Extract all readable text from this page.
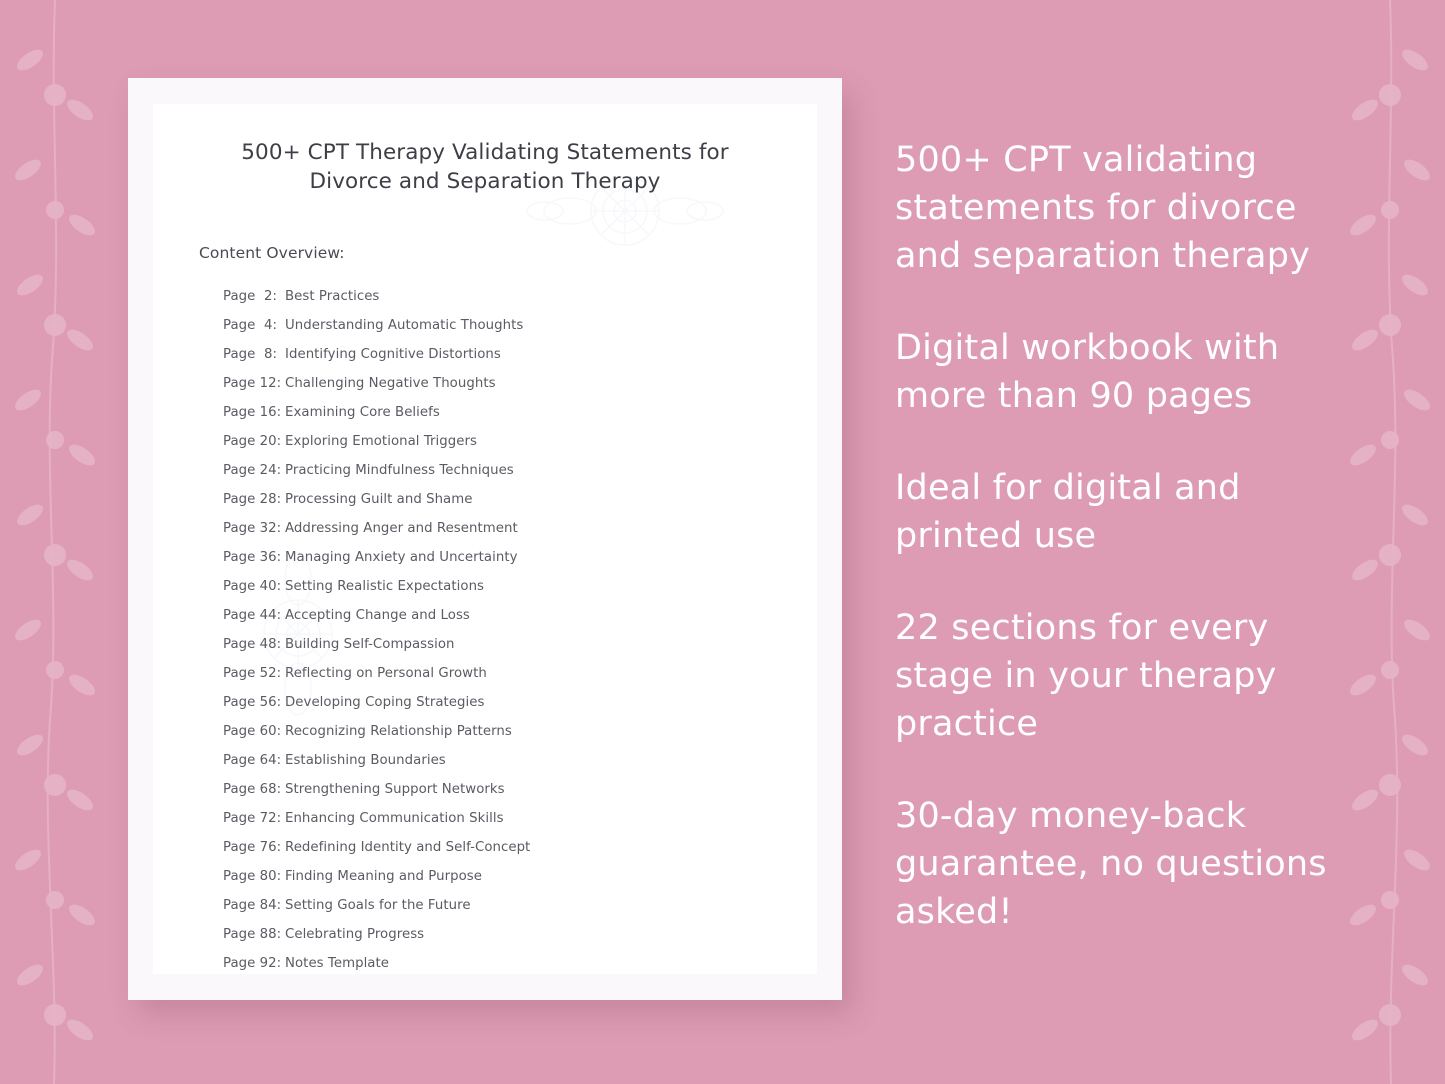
500+ CPT Therapy Validating Statements for Divorce and Separation Therapy
Content Overview:
Page  2: Best Practices
Page  4: Understanding Automatic Thoughts
Page  8: Identifying Cognitive Distortions
Page 12: Challenging Negative Thoughts
Page 16: Examining Core Beliefs
Page 20: Exploring Emotional Triggers
Page 24: Practicing Mindfulness Techniques
Page 28: Processing Guilt and Shame
Page 32: Addressing Anger and Resentment
Page 36: Managing Anxiety and Uncertainty
Page 40: Setting Realistic Expectations
Page 44: Accepting Change and Loss
Page 48: Building Self-Compassion
Page 52: Reflecting on Personal Growth
Page 56: Developing Coping Strategies
Page 60: Recognizing Relationship Patterns
Page 64: Establishing Boundaries
Page 68: Strengthening Support Networks
Page 72: Enhancing Communication Skills
Page 76: Redefining Identity and Self-Concept
Page 80: Finding Meaning and Purpose
Page 84: Setting Goals for the Future
Page 88: Celebrating Progress
Page 92: Notes Template
500+ CPT validating statements for divorce and separation therapy
Digital workbook with more than 90 pages
Ideal for digital and printed use
22 sections for every stage in your therapy practice
30-day money-back guarantee, no questions asked!
